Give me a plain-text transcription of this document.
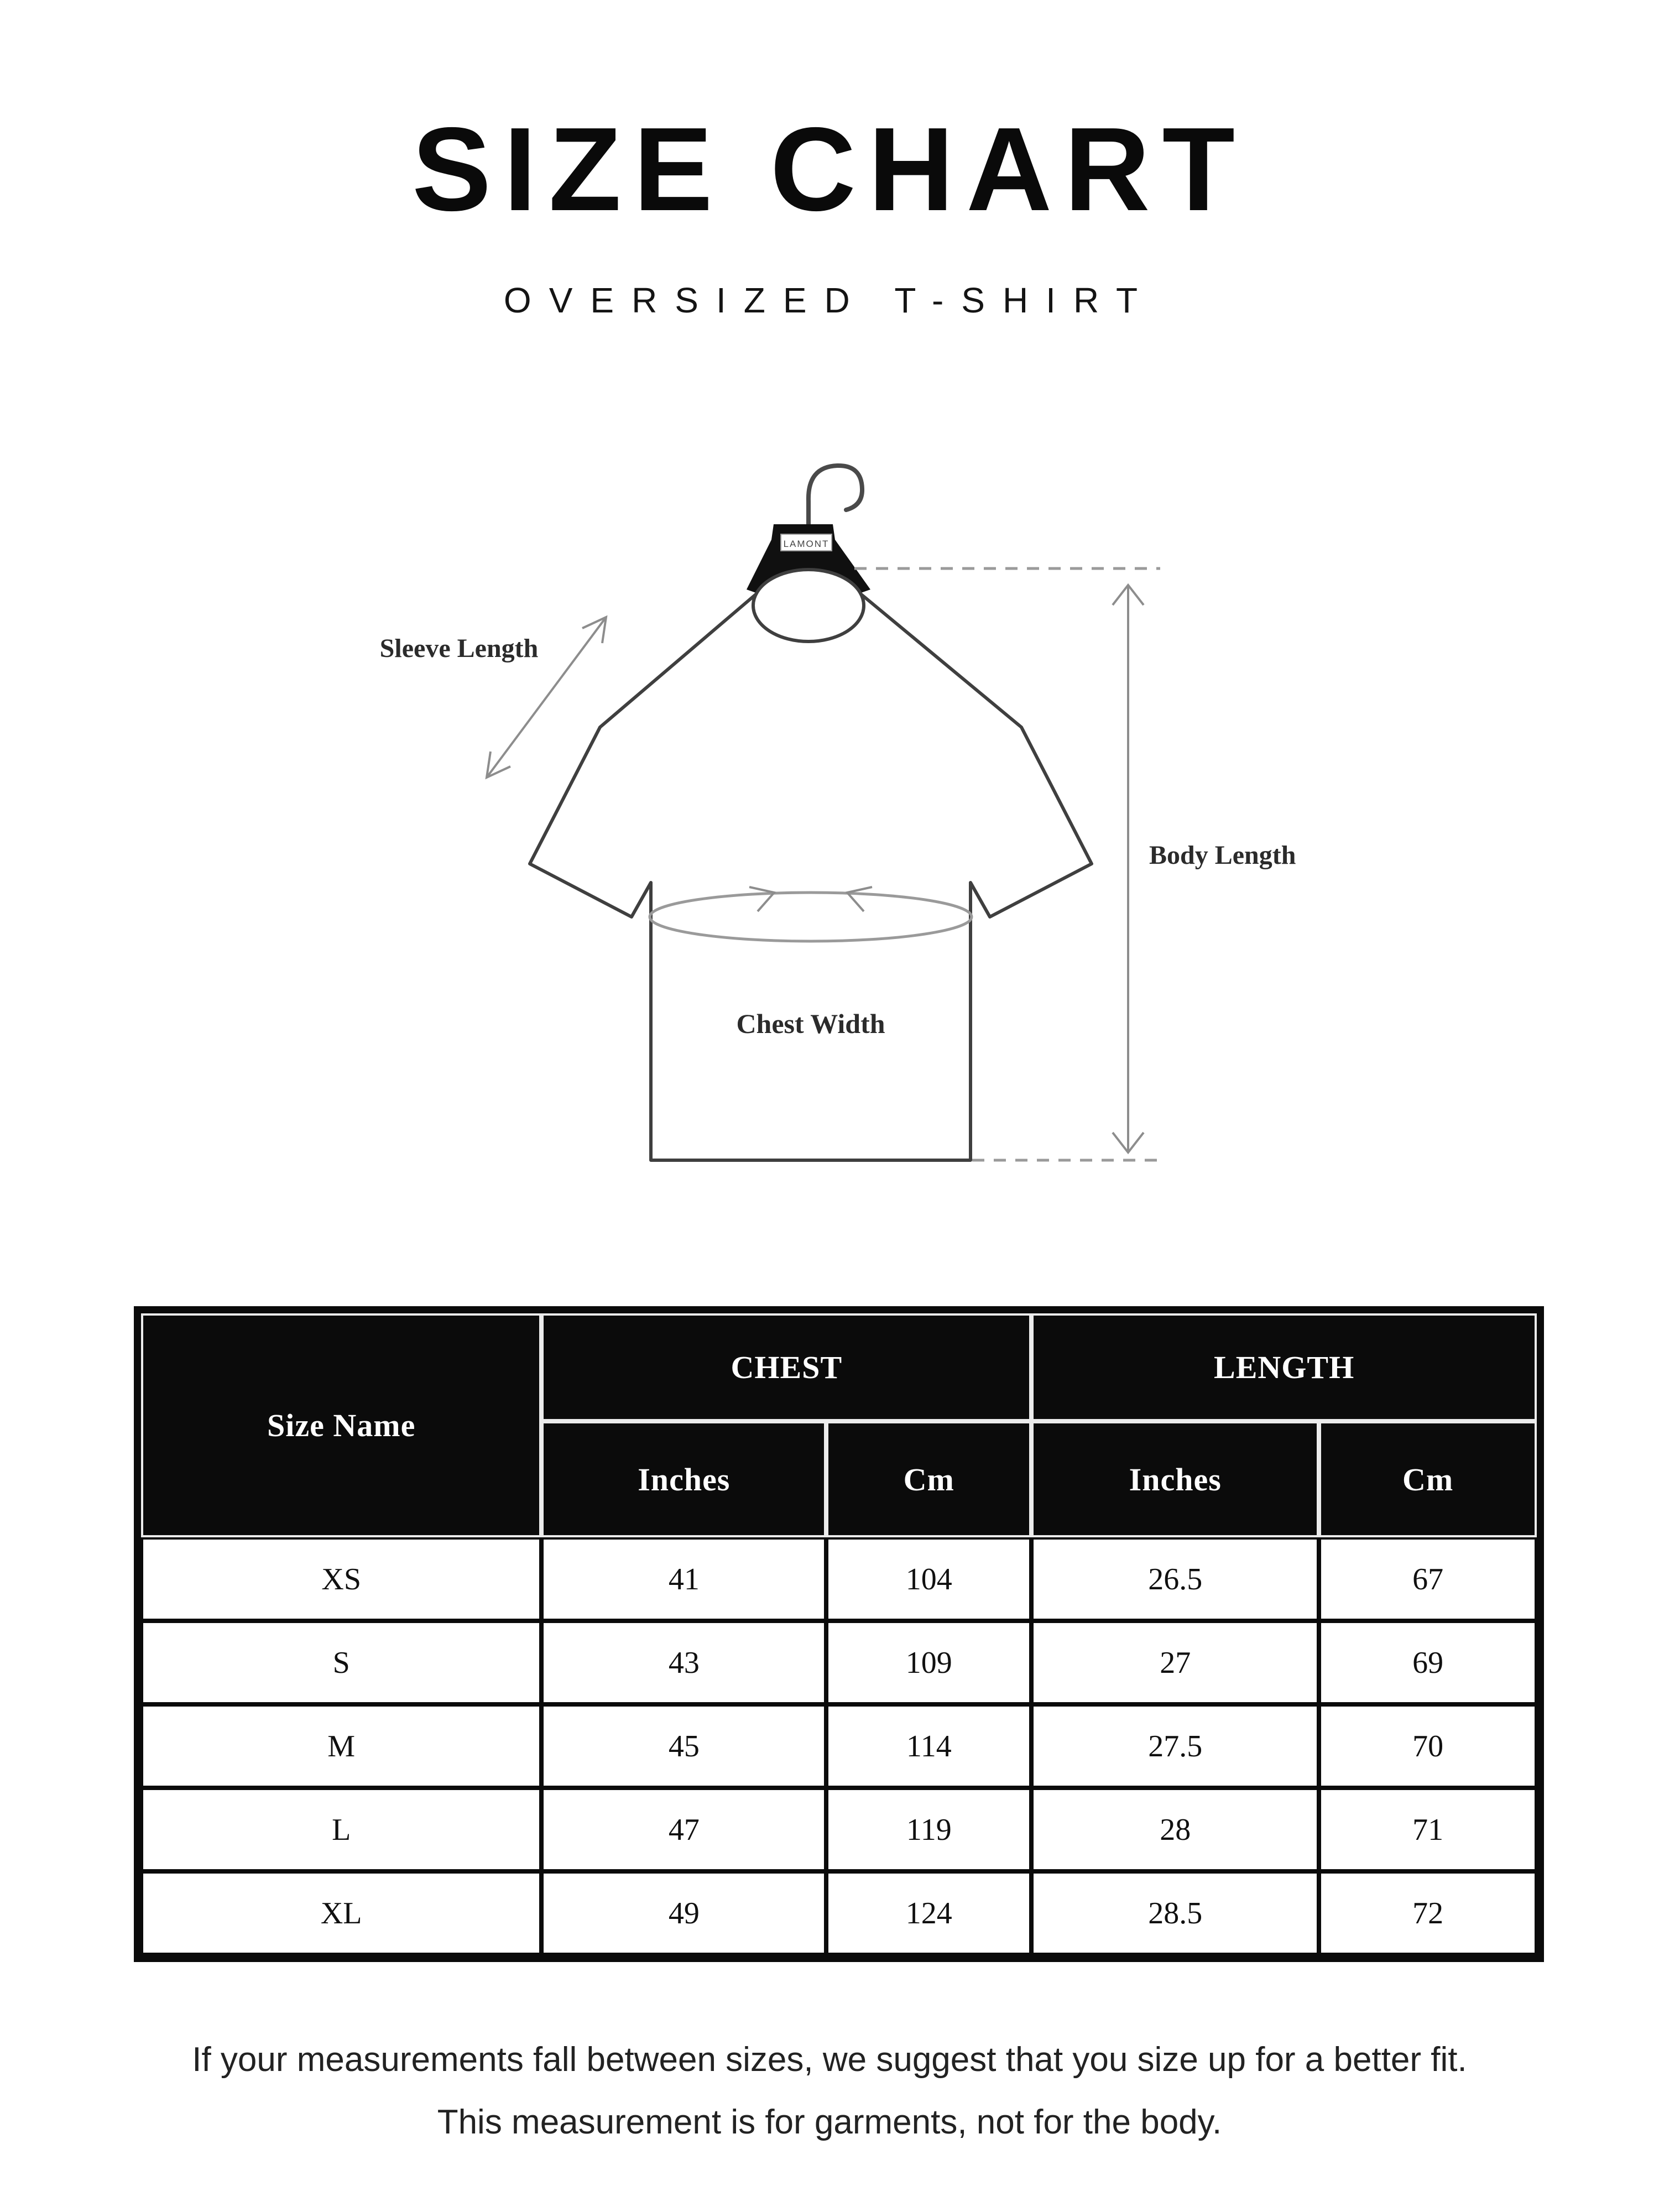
SIZE CHART
OVERSIZED T-SHIRT
LAMONT
Sleeve Length
Body Length
Chest Width
Size Name	CHEST		LENGTH	
	Inches	Cm	Inches	Cm
XS	41	104	26.5	67
S	43	109	27	69
M	45	114	27.5	70
L	47	119	28	71
XL	49	124	28.5	72
If your measurements fall between sizes, we suggest that you size up for a better fit.
This measurement is for garments, not for the body.
